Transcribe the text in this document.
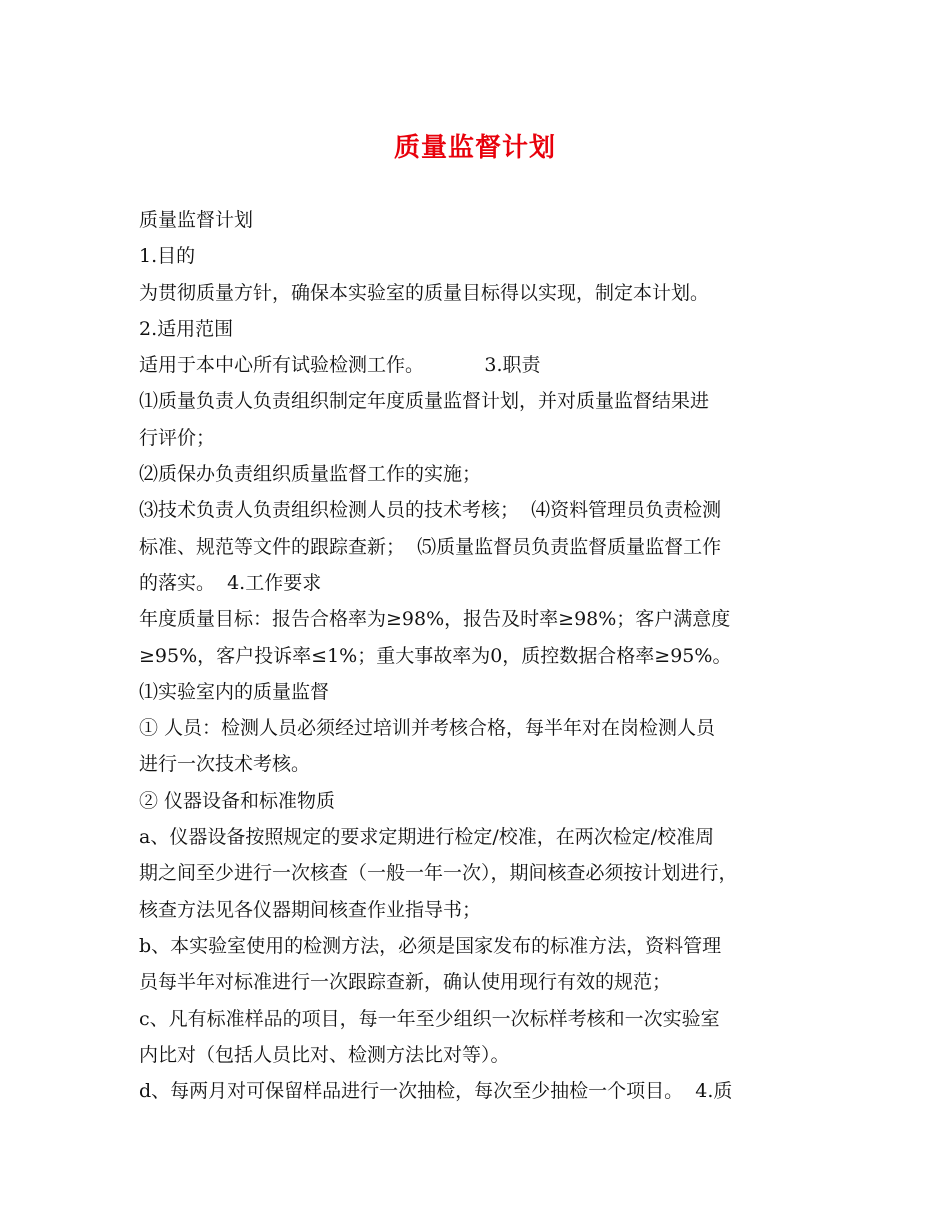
质量监督计划

质量监督计划

1.目的

为贯彻质量方针，确保本实验室的质量目标得以实现，制定本计划。

2.适用范围

适用于本中心所有试验检测工作。          3.职责

⑴质量负责人负责组织制定年度质量监督计划，并对质量监督结果进

行评价；

⑵质保办负责组织质量监督工作的实施；

⑶技术负责人负责组织检测人员的技术考核；  ⑷资料管理员负责检测

标准、规范等文件的跟踪查新；  ⑸质量监督员负责监督质量监督工作

的落实。  4.工作要求

年度质量目标：报告合格率为≥98%，报告及时率≥98%；客户满意度

≥95%，客户投诉率≤1%；重大事故率为0，质控数据合格率≥95%。

⑴实验室内的质量监督

① 人员：检测人员必须经过培训并考核合格，每半年对在岗检测人员

进行一次技术考核。

② 仪器设备和标准物质

a、仪器设备按照规定的要求定期进行检定/校准，在两次检定/校准周

期之间至少进行一次核查（一般一年一次），期间核查必须按计划进行，

核查方法见各仪器期间核查作业指导书；

b、本实验室使用的检测方法，必须是国家发布的标准方法，资料管理

员每半年对标准进行一次跟踪查新，确认使用现行有效的规范；

c、凡有标准样品的项目，每一年至少组织一次标样考核和一次实验室

内比对（包括人员比对、检测方法比对等）。

d、每两月对可保留样品进行一次抽检，每次至少抽检一个项目。  4.质
